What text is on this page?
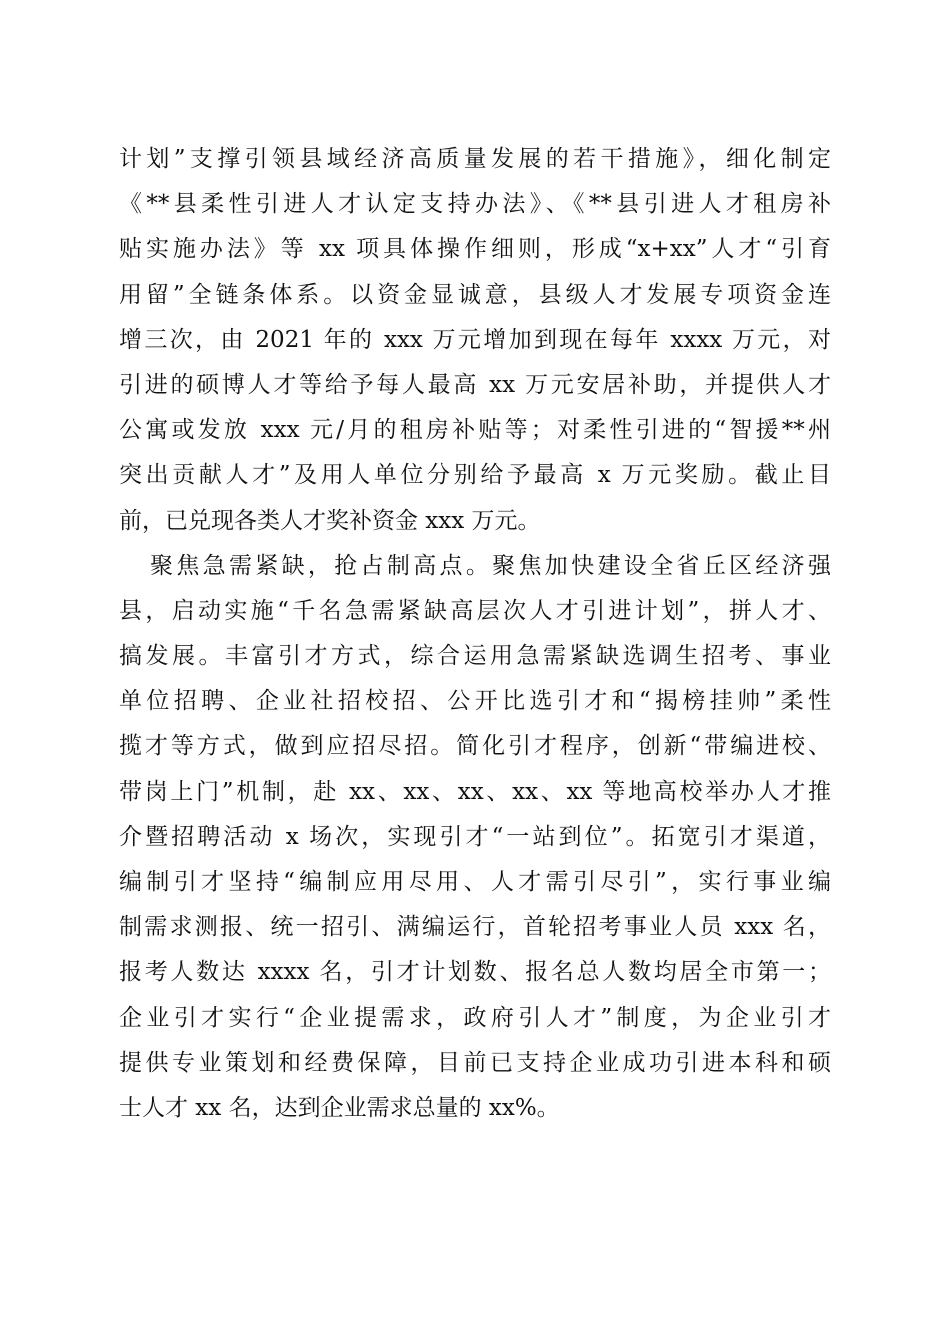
计划”支撑引领县域经济高质量发展的若干措施》，细化制定
《**县柔性引进人才认定支持办法》、《**县引进人才租房补
贴实施办法》等 xx 项具体操作细则，形成“x+xx”人才“引育
用留”全链条体系。以资金显诚意，县级人才发展专项资金连
增三次，由 2021 年的 xxx 万元增加到现在每年 xxxx 万元，对
引进的硕博人才等给予每人最高 xx 万元安居补助，并提供人才
公寓或发放 xxx 元/月的租房补贴等；对柔性引进的“智援**州
突出贡献人才”及用人单位分别给予最高 x 万元奖励。截止目
前，已兑现各类人才奖补资金 xxx 万元。
聚焦急需紧缺，抢占制高点。聚焦加快建设全省丘区经济强
县，启动实施“千名急需紧缺高层次人才引进计划”，拼人才、
搞发展。丰富引才方式，综合运用急需紧缺选调生招考、事业
单位招聘、企业社招校招、公开比选引才和“揭榜挂帅”柔性
揽才等方式，做到应招尽招。简化引才程序，创新“带编进校、
带岗上门”机制，赴 xx、xx、xx、xx、xx 等地高校举办人才推
介暨招聘活动 x 场次，实现引才“一站到位”。拓宽引才渠道，
编制引才坚持“编制应用尽用、人才需引尽引”，实行事业编
制需求测报、统一招引、满编运行，首轮招考事业人员 xxx 名，
报考人数达 xxxx 名，引才计划数、报名总人数均居全市第一；
企业引才实行“企业提需求，政府引人才”制度，为企业引才
提供专业策划和经费保障，目前已支持企业成功引进本科和硕
士人才 xx 名，达到企业需求总量的 xx%。
